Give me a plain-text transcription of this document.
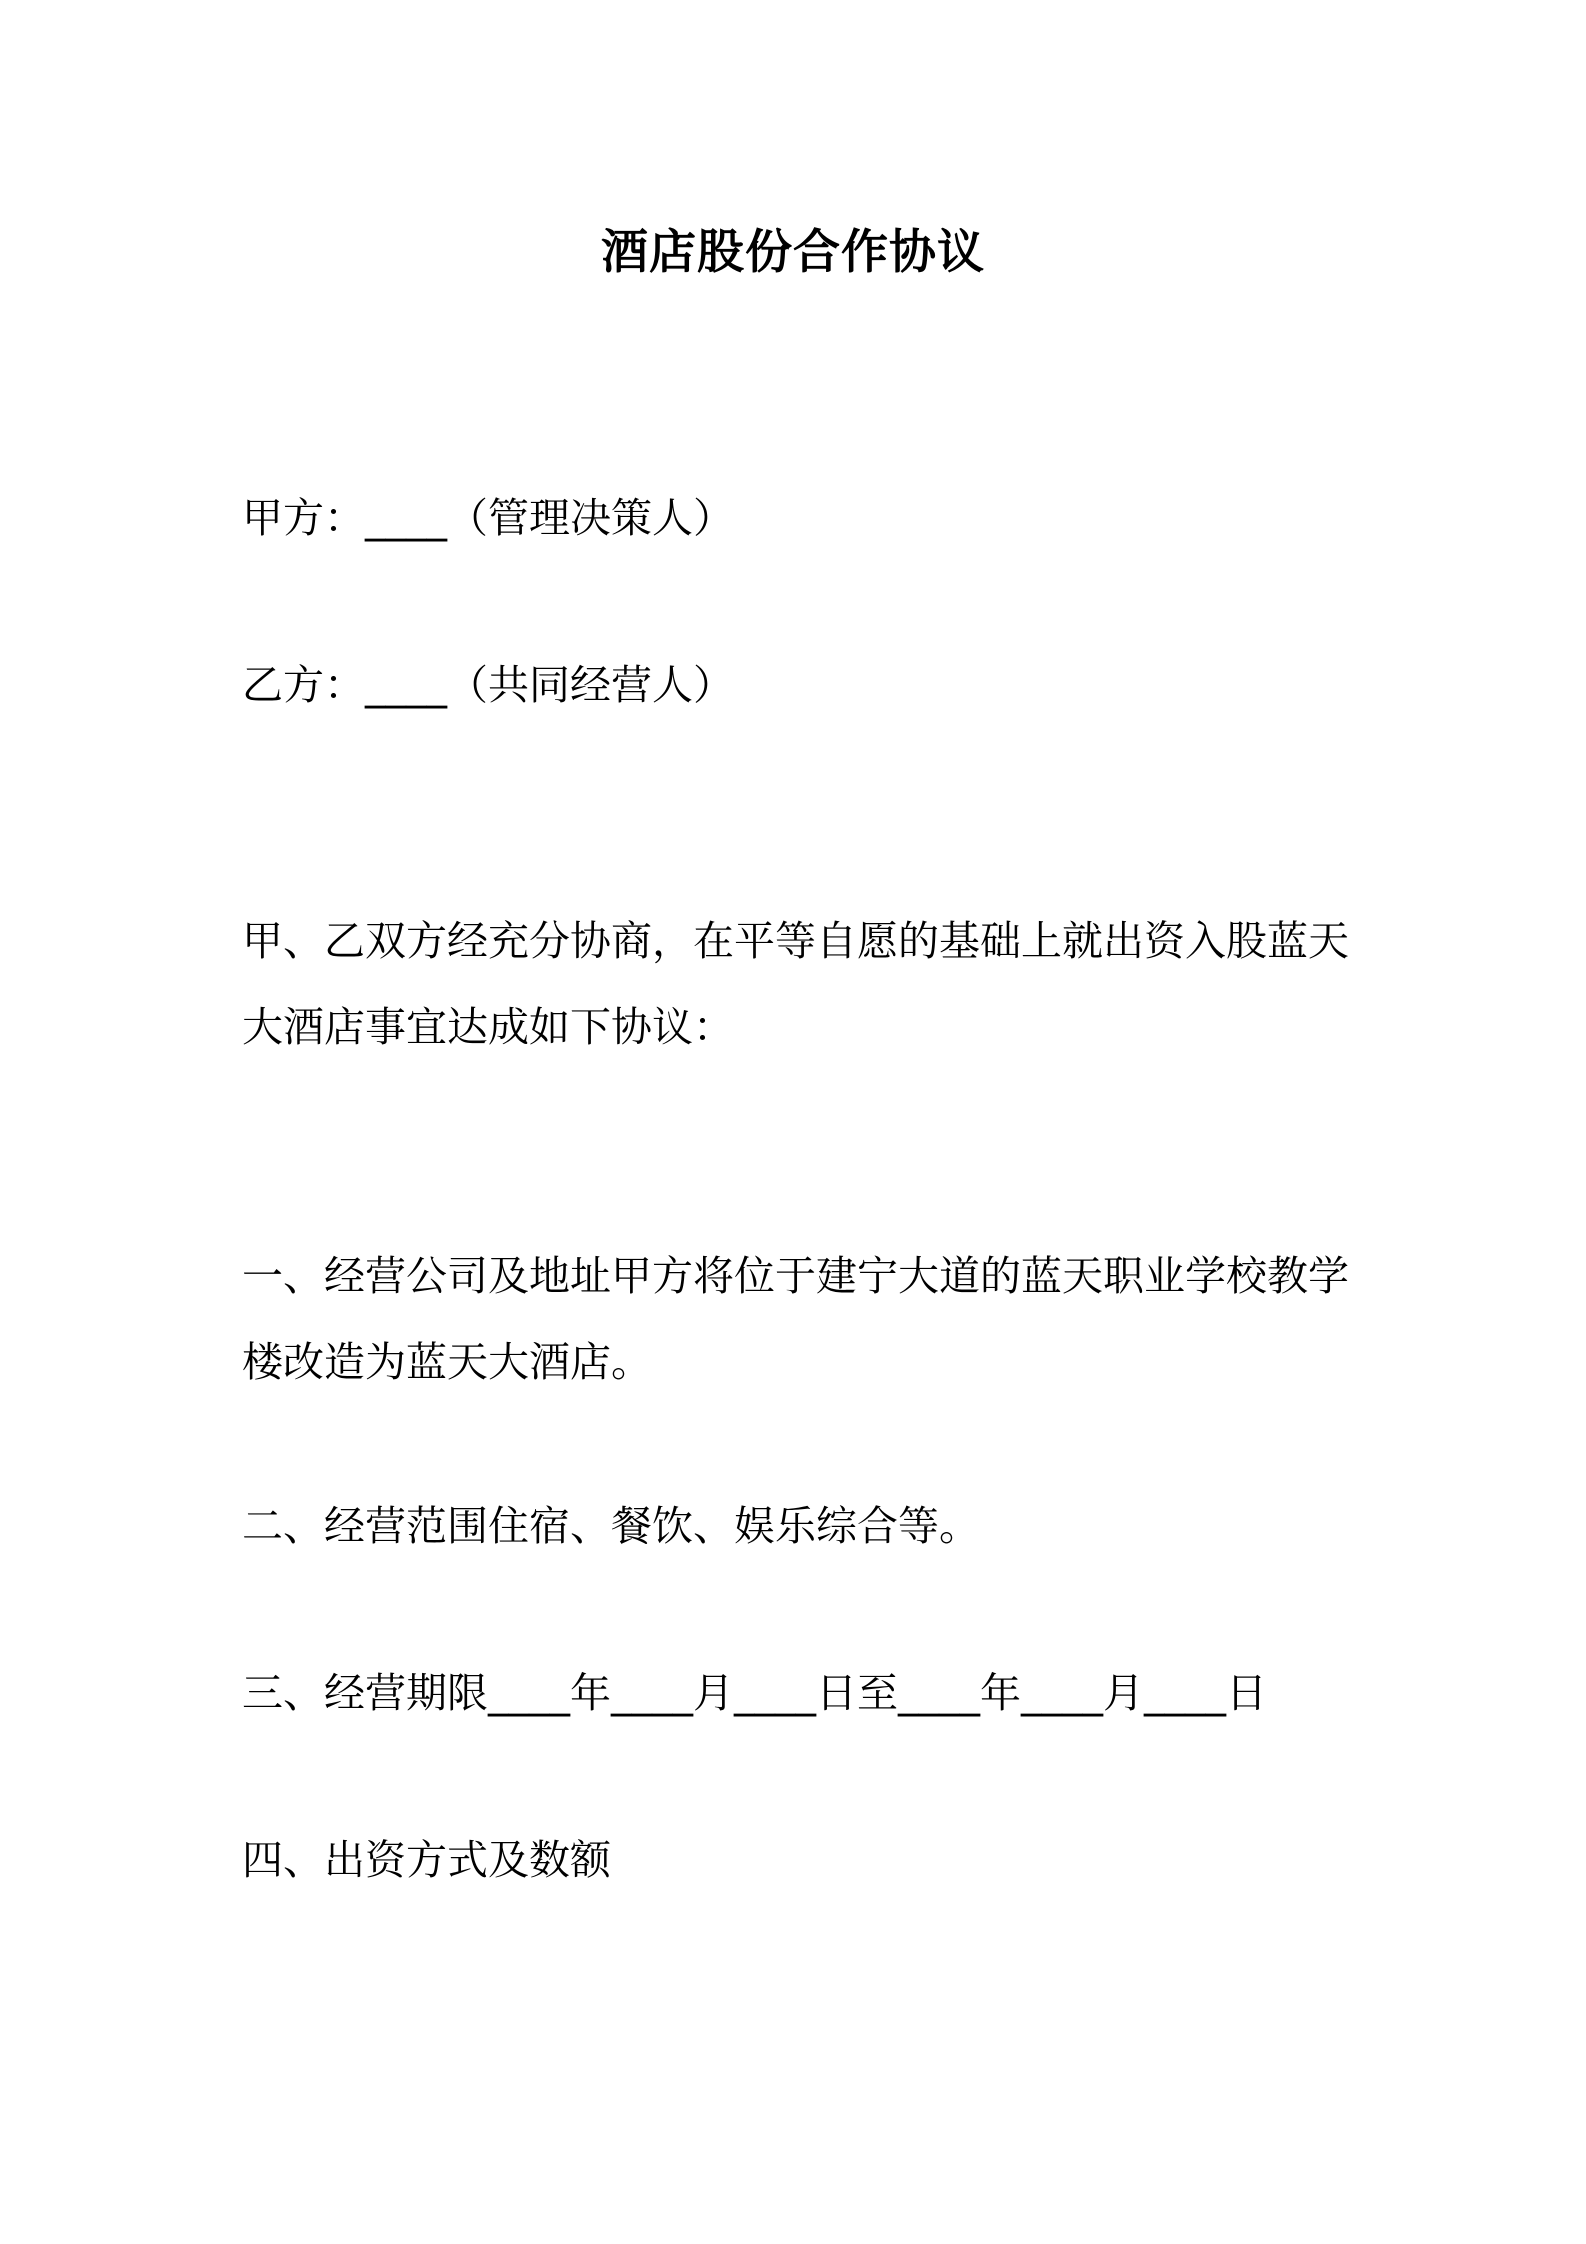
酒店股份合作协议
甲方：____（管理决策人）
乙方：____（共同经营人）
甲、乙双方经充分协商，在平等自愿的基础上就出资入股蓝天大酒店事宜达成如下协议：
一、经营公司及地址甲方将位于建宁大道的蓝天职业学校教学楼改造为蓝天大酒店。
二、经营范围住宿、餐饮、娱乐综合等。
三、经营期限____年____月____日至____年____月____日
四、出资方式及数额
